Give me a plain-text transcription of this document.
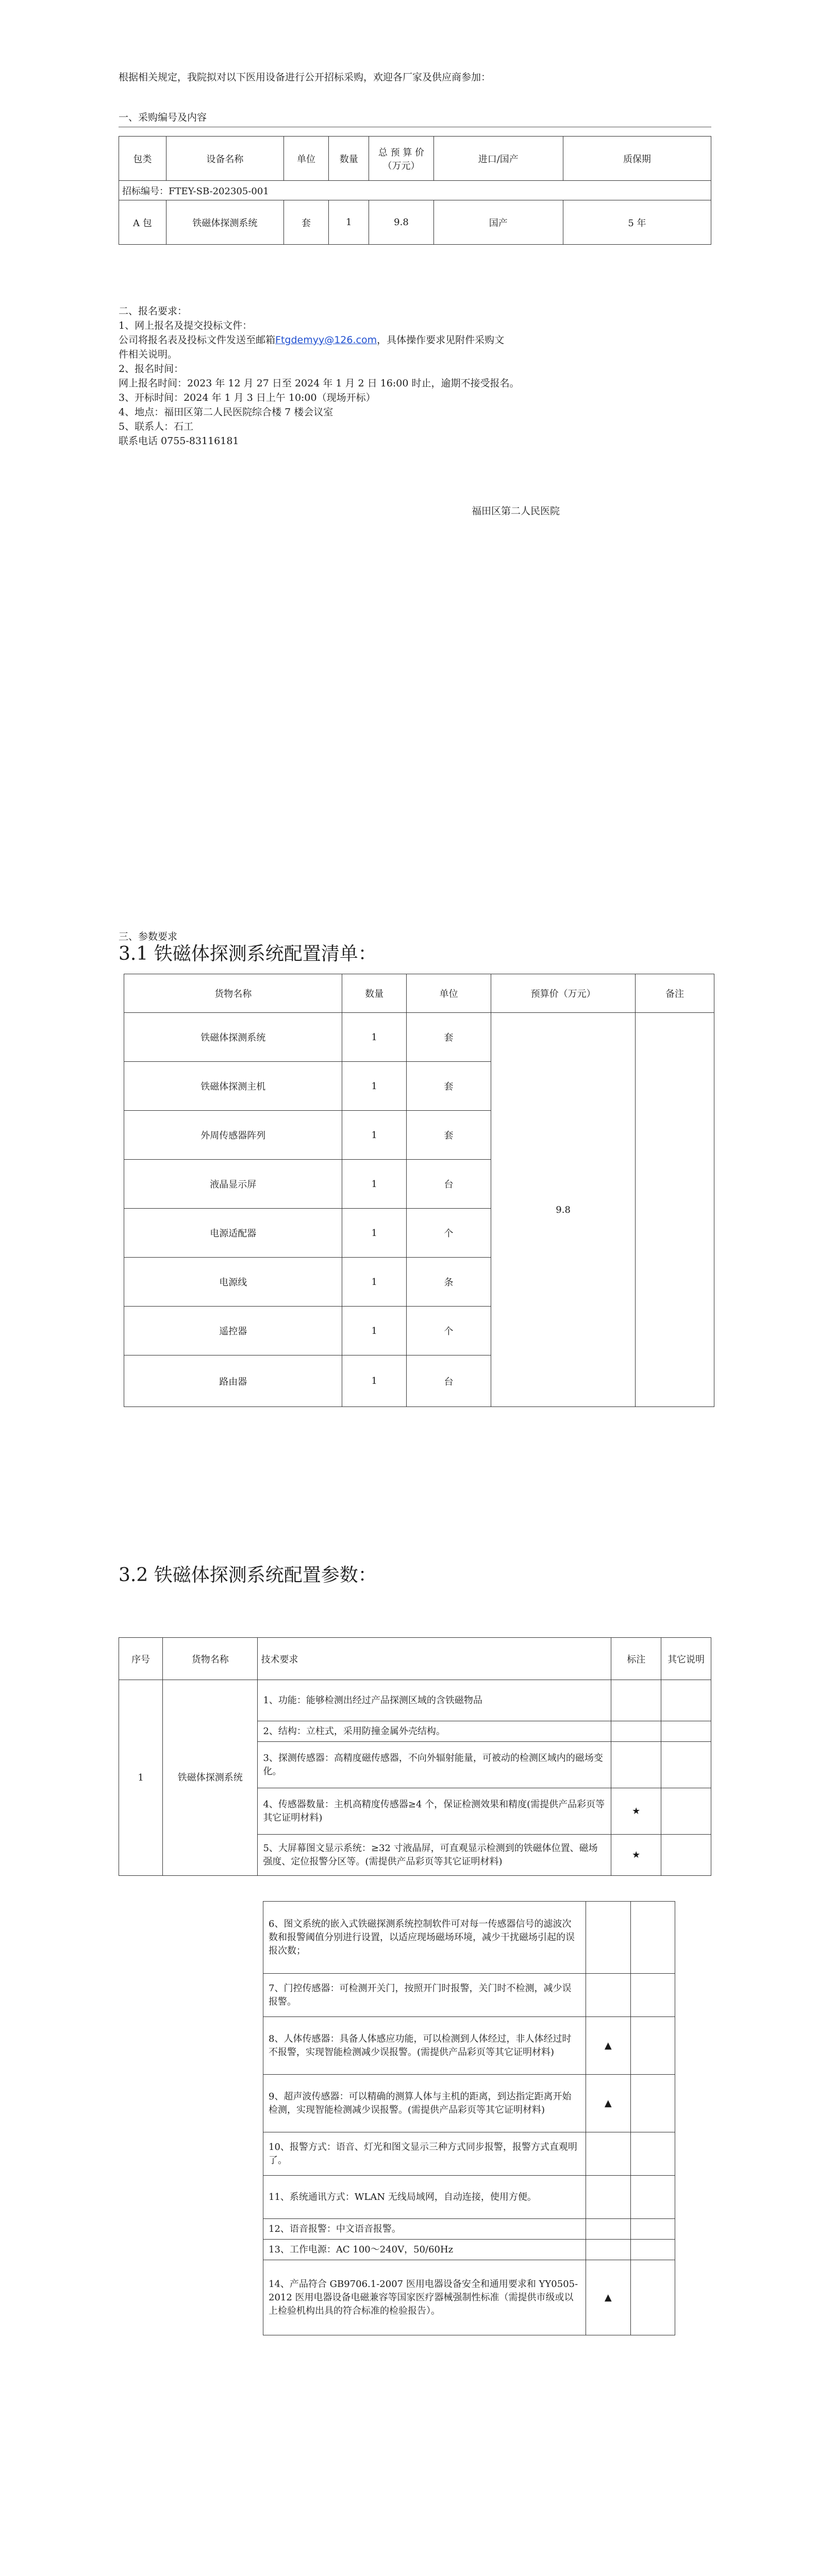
根据相关规定，我院拟对以下医用设备进行公开招标采购，欢迎各厂家及供应商参加：
一、采购编号及内容
包类	设备名称	单位	数量	总 预 算 价（万元）	进口/国产	质保期
招标编号：FTEY-SB-202305-001						
A 包	铁磁体探测系统	套	1	9.8	国产	5 年
二、报名要求：
1、网上报名及提交投标文件：
公司将报名表及投标文件发送至邮箱Ftgdemyy@126.com，具体操作要求见附件采购文
件相关说明。
2、报名时间：
网上报名时间：2023 年 12 月 27 日至 2024 年 1 月 2 日 16:00 时止，逾期不接受报名。
3、开标时间：2024 年 1 月 3 日上午 10:00（现场开标）
4、地点：福田区第二人民医院综合楼 7 楼会议室
5、联系人：石工
联系电话 0755-83116181
福田区第二人民医院
三、参数要求
3.1 铁磁体探测系统配置清单：
货物名称	数量	单位	预算价（万元）	备注
铁磁体探测系统	1	套	9.8	
铁磁体探测主机	1	套		
外周传感器阵列	1	套		
液晶显示屏	1	台		
电源适配器	1	个		
电源线	1	条		
遥控器	1	个		
路由器	1	台		
3.2 铁磁体探测系统配置参数：
序号	货物名称	技术要求	标注	其它说明
1	铁磁体探测系统	1、功能：能够检测出经过产品探测区域的含铁磁物品		
		2、结构：立柱式，采用防撞金属外壳结构。		
		3、探测传感器：高精度磁传感器，不向外辐射能量，可被动的检测区域内的磁场变化。		
		4、传感器数量：主机高精度传感器≥4 个，保证检测效果和精度(需提供产品彩页等其它证明材料)	★	
		5、大屏幕图文显示系统：≥32 寸液晶屏，可直观显示检测到的铁磁体位置、磁场强度、定位报警分区等。(需提供产品彩页等其它证明材料)	★	
6、图文系统的嵌入式铁磁探测系统控制软件可对每一传感器信号的滤波次数和报警阈值分别进行设置，以适应现场磁场环境，减少干扰磁场引起的误报次数；		
7、门控传感器：可检测开关门，按照开门时报警，关门时不检测，减少误报警。		
8、人体传感器：具备人体感应功能，可以检测到人体经过，非人体经过时不报警，实现智能检测减少误报警。(需提供产品彩页等其它证明材料)	▲	
9、超声波传感器：可以精确的测算人体与主机的距离，到达指定距离开始检测，实现智能检测减少误报警。(需提供产品彩页等其它证明材料)	▲	
10、报警方式：语音、灯光和图文显示三种方式同步报警，报警方式直观明了。		
11、系统通讯方式：WLAN 无线局域网，自动连接，使用方便。		
12、语音报警：中文语音报警。		
13、工作电源：AC 100～240V，50/60Hz		
14、产品符合 GB9706.1-2007 医用电器设备安全和通用要求和 YY0505-2012 医用电器设备电磁兼容等国家医疗器械强制性标准（需提供市级或以上检验机构出具的符合标准的检验报告）。	▲	
